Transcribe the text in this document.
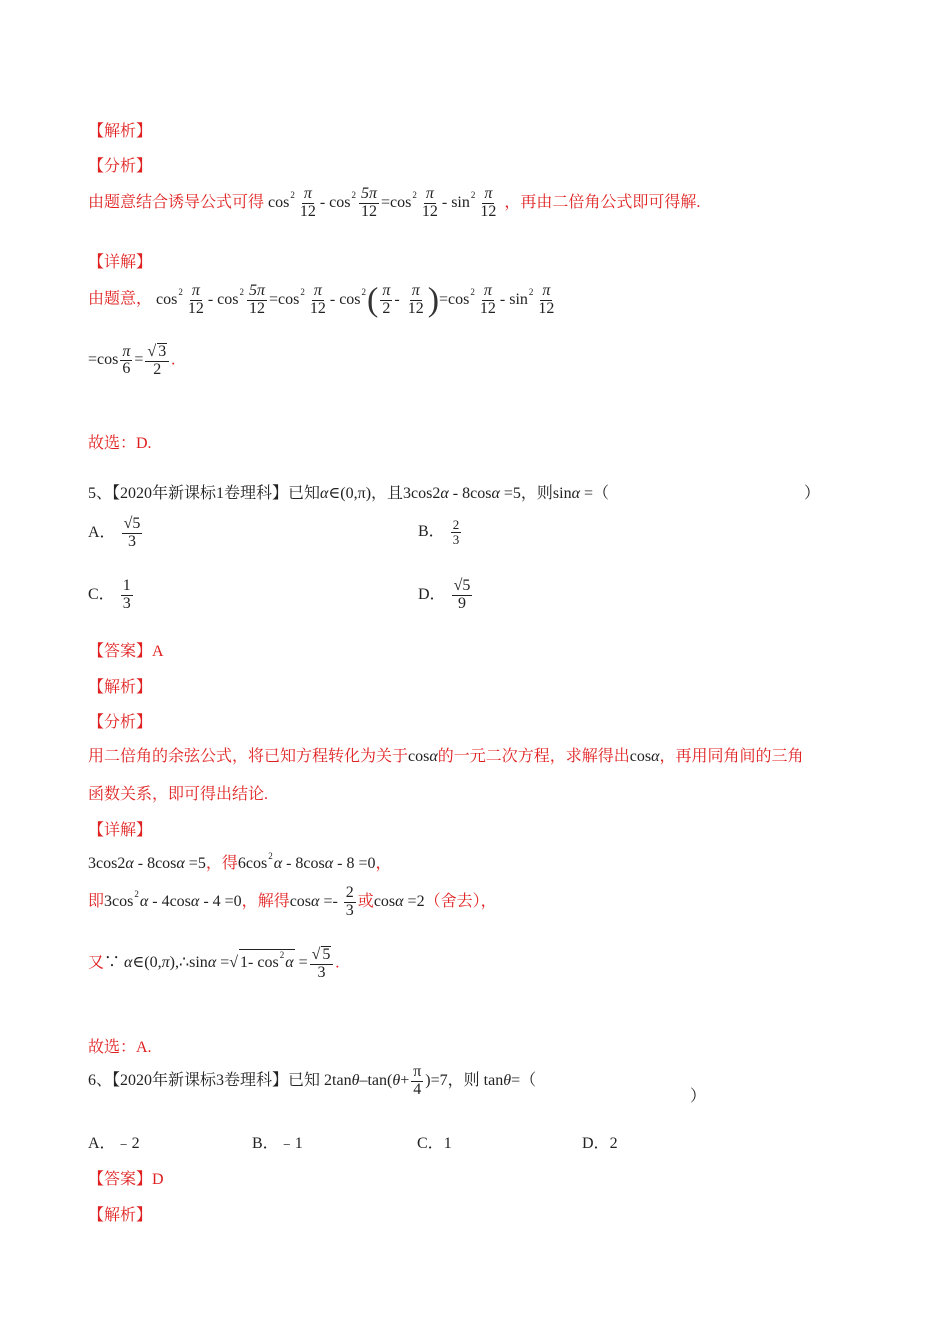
【解析】
【分析】
由题意结合诱导公式可得 $\cos^2 \frac{\pi}{12} - \cos^2 \frac{5\pi}{12} =\cos^2 \frac{\pi}{12} - \sin^2 \frac{\pi}{12}$ ，再由二倍角公式即可得解.
【详解】
由题意， $\cos^2 \frac{\pi}{12} - \cos^2 \frac{5\pi}{12} =\cos^2 \frac{\pi}{12} - \cos^2( \frac{\pi}{2} - \frac{\pi}{12} )=\cos^2 \frac{\pi}{12} - \sin^2 \frac{\pi}{12}$
$=\cos \frac{\pi}{6} = \frac{√ 3}{2}$ .
故选：D.
5、【2020年新课标1卷理科】已知α∈(0,π)，且3cos2α - 8cosα =5，则sinα =（	）
A． $\frac{√5}{3}$	B． $\frac{2}{3}$
C． $\frac{1}{3}$	D． $\frac{√5}{9}$
【答案】A
【解析】
【分析】
用二倍角的余弦公式，将已知方程转化为关于cosα的一元二次方程，求解得出cosα，再用同角间的三角
函数关系，即可得出结论.
【详解】
3cos2α - 8cosα =5，得$6\cos^2\alpha - 8\cos\alpha - 8 =0$，
即$3\cos^2\alpha - 4\cos\alpha - 4 =0$，解得$\cos\alpha =- \frac{2}{3}$ 或cosα =2（舍去），
又∵ α∈(0,π),∴sinα =√ 1- $\cos^2\alpha = \frac{√ 5}{3}$ .
故选：A.
6、【2020年新课标3卷理科】已知 $2\tan\theta-\tan(\theta+ \frac{\pi}{4} )=7$，则 tanθ=（
）
A．﹣2	B．﹣1	C．1	D．2
【答案】D
【解析】
